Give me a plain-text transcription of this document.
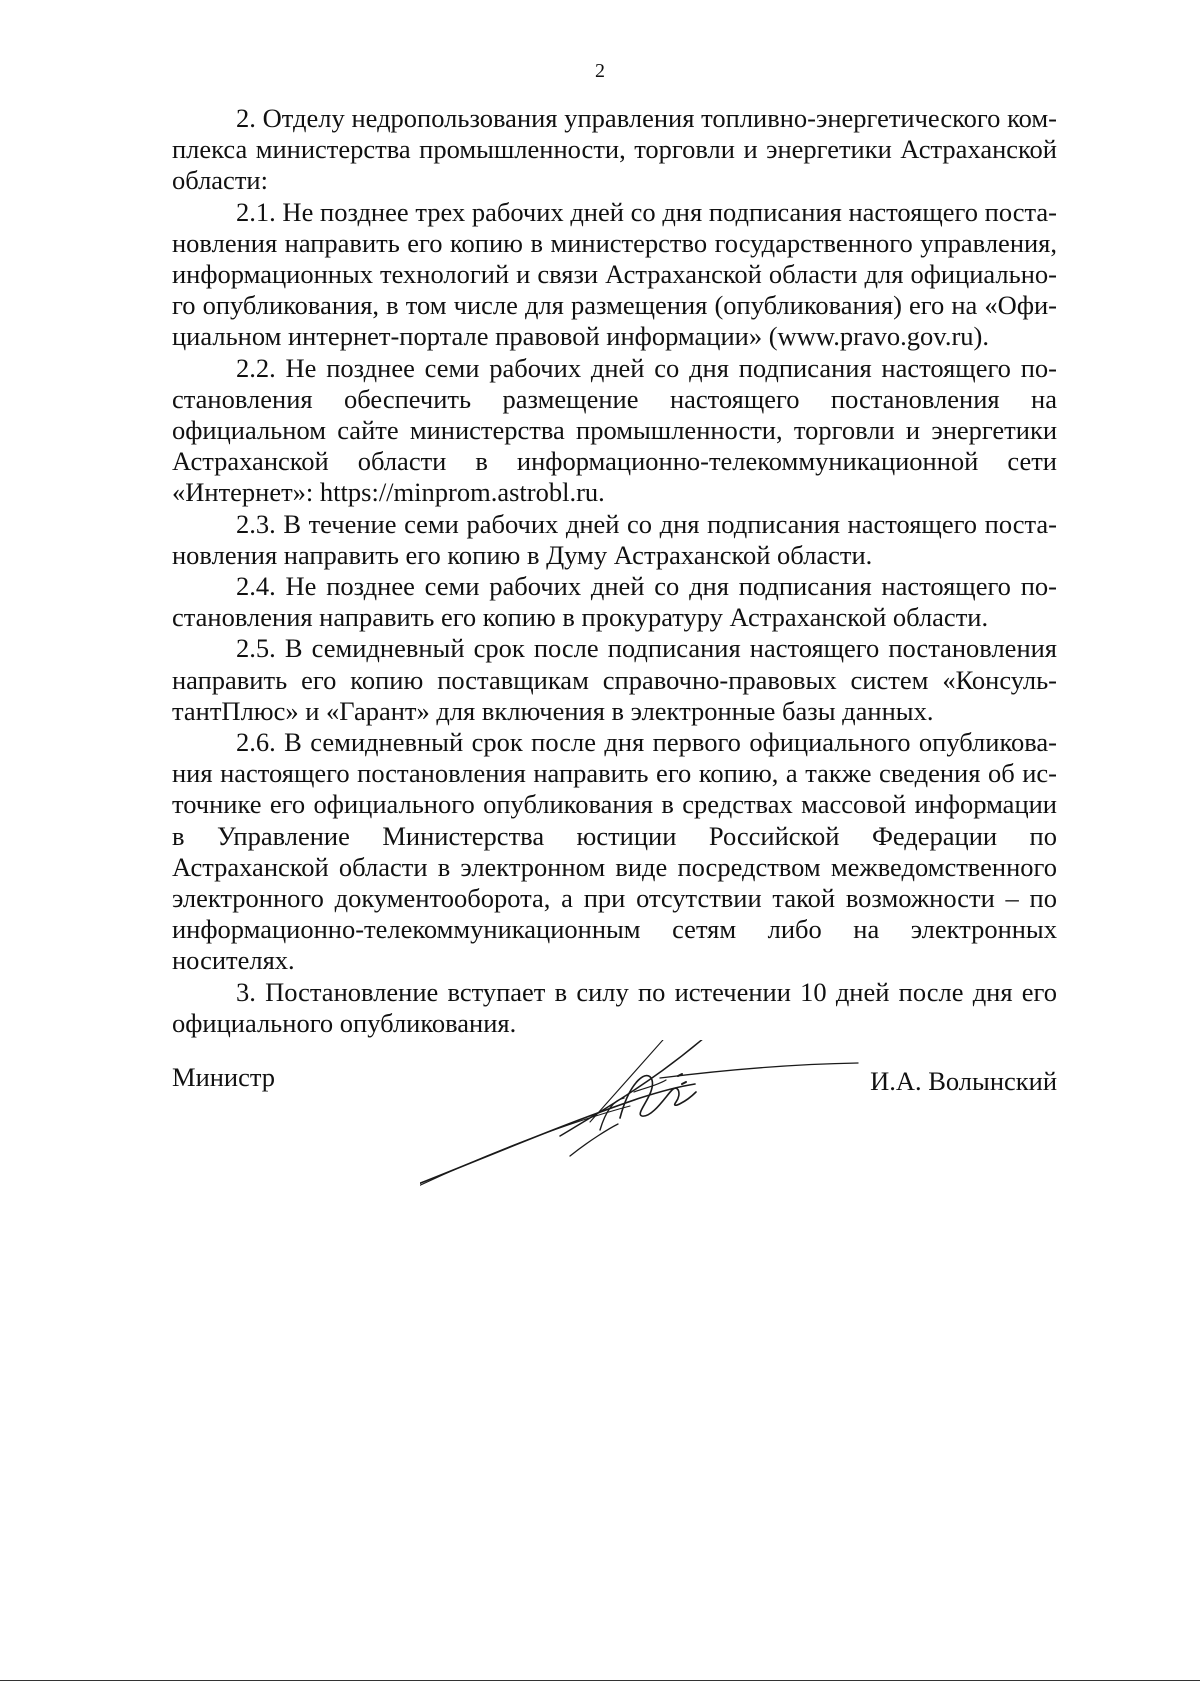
2

2. Отделу недропользования управления топливно-энергетического комплекса министерства промышленности, торговли и энергетики Астраханской области:

2.1. Не позднее трех рабочих дней со дня подписания настоящего постановления направить его копию в министерство государственного управления, информационных технологий и связи Астраханской области для официального опубликования, в том числе для размещения (опубликования) его на «Официальном интернет-портале правовой информации» (www.pravo.gov.ru).

2.2. Не позднее семи рабочих дней со дня подписания настоящего постановления обеспечить размещение настоящего постановления на официальном сайте министерства промышленности, торговли и энергетики Астраханской области в информационно-телекоммуникационной сети «Интернет»: https://minprom.astrobl.ru.

2.3. В течение семи рабочих дней со дня подписания настоящего постановления направить его копию в Думу Астраханской области.

2.4. Не позднее семи рабочих дней со дня подписания настоящего постановления направить его копию в прокуратуру Астраханской области.

2.5. В семидневный срок после подписания настоящего постановления направить его копию поставщикам справочно-правовых систем «КонсультантПлюс» и «Гарант» для включения в электронные базы данных.

2.6. В семидневный срок после дня первого официального опубликования настоящего постановления направить его копию, а также сведения об источнике его официального опубликования в средствах массовой информации в Управление Министерства юстиции Российской Федерации по Астраханской области в электронном виде посредством межведомственного электронного документооборота, а при отсутствии такой возможности – по информационно-телекоммуникационным сетям либо на электронных носителях.

3. Постановление вступает в силу по истечении 10 дней после дня его официального опубликования.

Министр	И.А. Волынский
